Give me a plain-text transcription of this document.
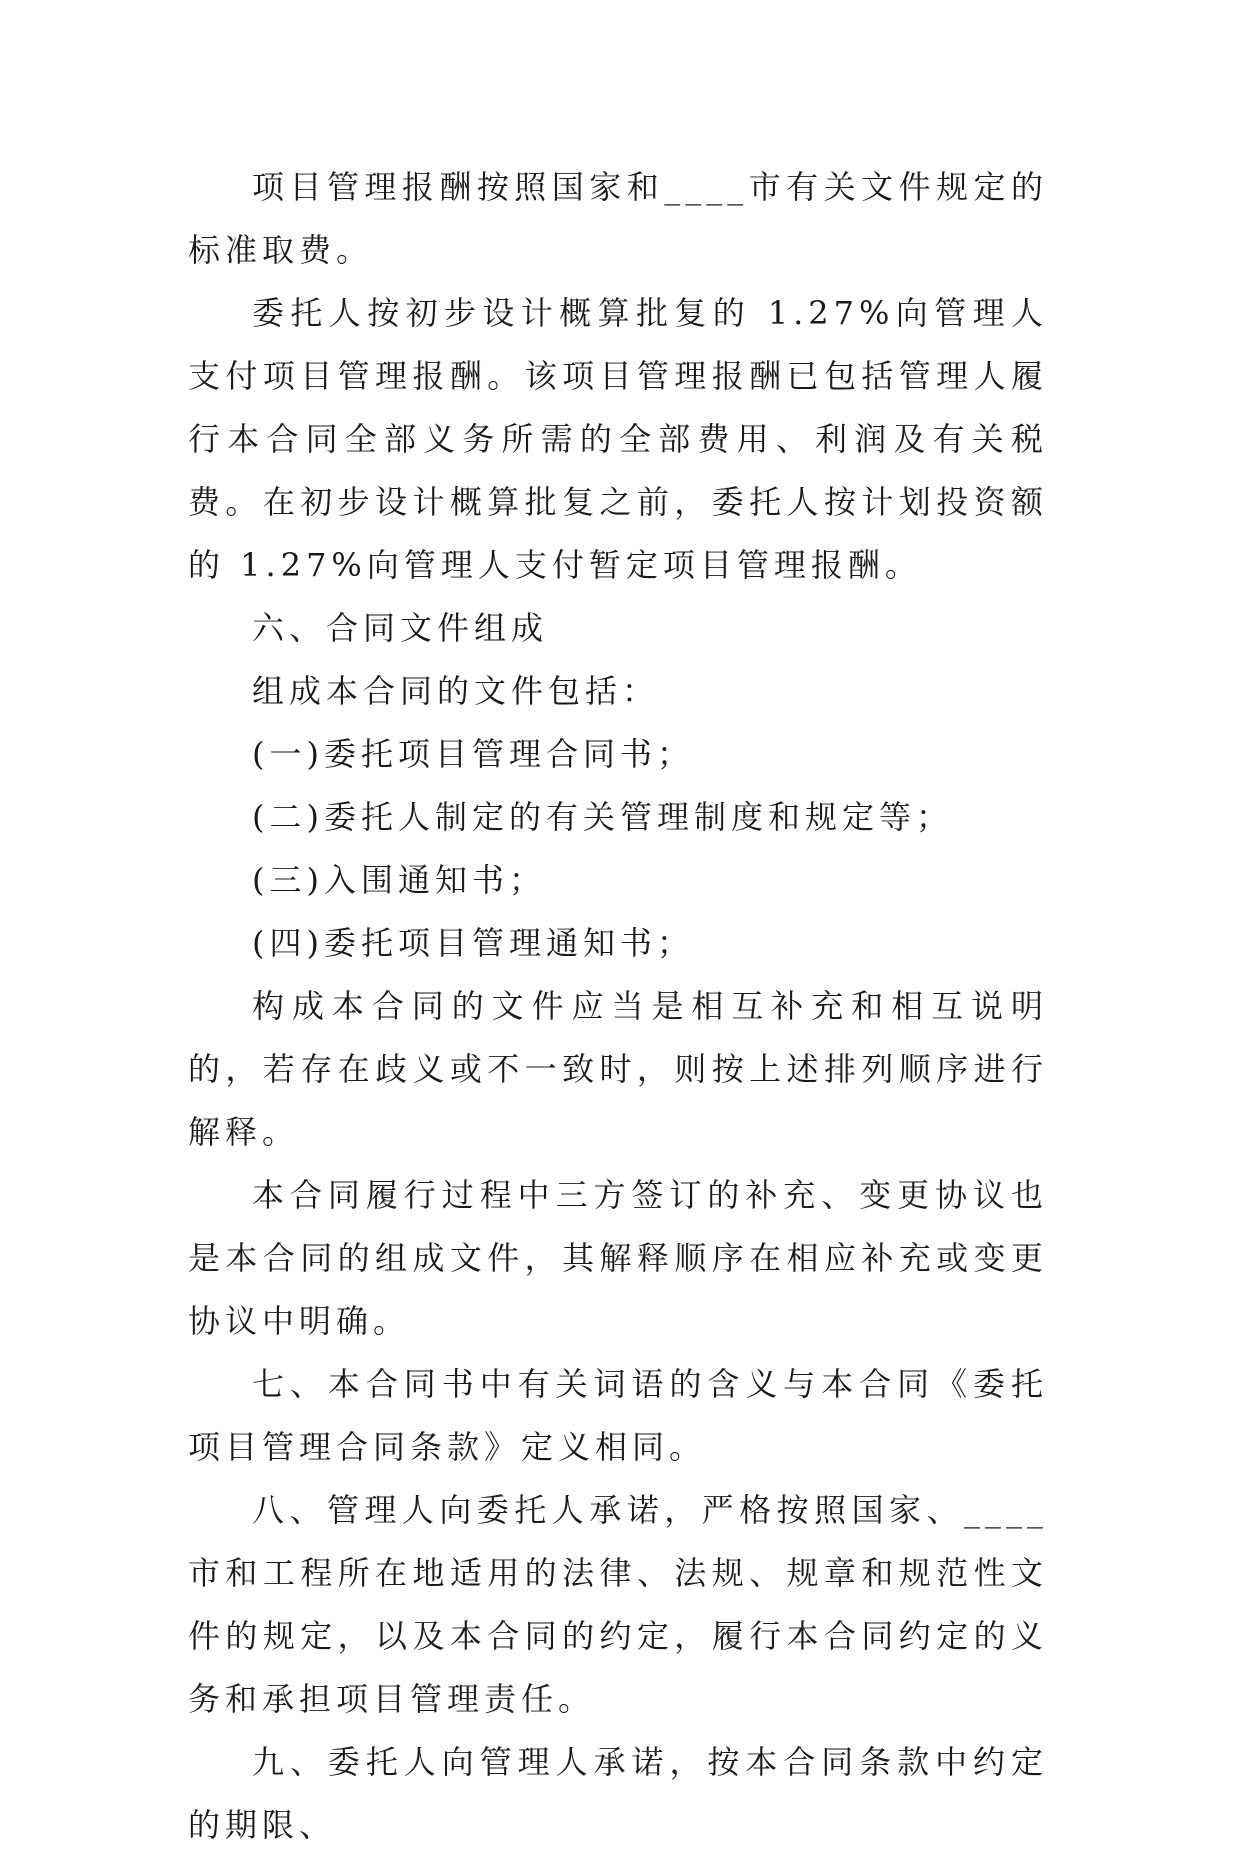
项目管理报酬按照国家和____市有关文件规定的标准取费。

委托人按初步设计概算批复的 1.27%向管理人支付项目管理报酬。该项目管理报酬已包括管理人履行本合同全部义务所需的全部费用、利润及有关税费。在初步设计概算批复之前，委托人按计划投资额的 1.27%向管理人支付暂定项目管理报酬。

六、合同文件组成

组成本合同的文件包括：

(一)委托项目管理合同书；

(二)委托人制定的有关管理制度和规定等；

(三)入围通知书；

(四)委托项目管理通知书；

构成本合同的文件应当是相互补充和相互说明的，若存在歧义或不一致时，则按上述排列顺序进行解释。

本合同履行过程中三方签订的补充、变更协议也是本合同的组成文件，其解释顺序在相应补充或变更协议中明确。

七、本合同书中有关词语的含义与本合同《委托项目管理合同条款》定义相同。

八、管理人向委托人承诺，严格按照国家、____市和工程所在地适用的法律、法规、规章和规范性文件的规定，以及本合同的约定，履行本合同约定的义务和承担项目管理责任。

九、委托人向管理人承诺，按本合同条款中约定的期限、
